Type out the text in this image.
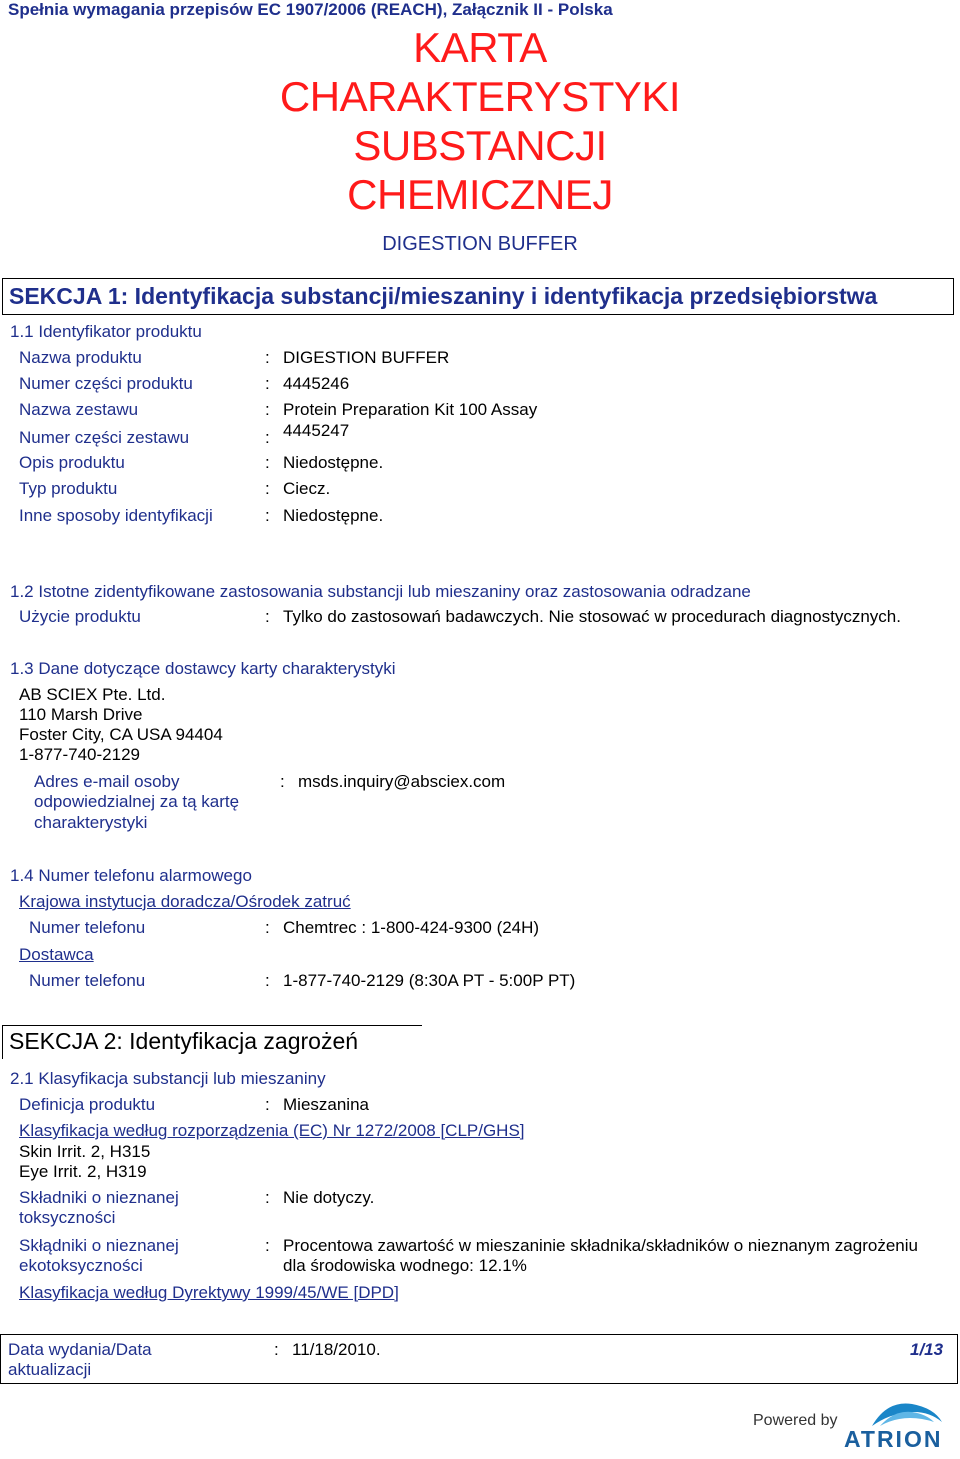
Spełnia wymagania przepisów EC 1907/2006 (REACH), Załącznik II - Polska
KARTA
CHARAKTERYSTYKI
SUBSTANCJI
CHEMICZNEJ
DIGESTION BUFFER
SEKCJA 1: Identyfikacja substancji/mieszaniny i identyfikacja przedsiębiorstwa
1.1 Identyfikator produktu
Nazwa produktu	: DIGESTION BUFFER
Numer części produktu	: 4445246
Nazwa zestawu	: Protein Preparation Kit 100 Assay
Numer części zestawu	: 4445247
Opis produktu	: Niedostępne.
Typ produktu	: Ciecz.
Inne sposoby identyfikacji	: Niedostępne.
1.2 Istotne zidentyfikowane zastosowania substancji lub mieszaniny oraz zastosowania odradzane
Użycie produktu	: Tylko do zastosowań badawczych. Nie stosować w procedurach diagnostycznych.
1.3 Dane dotyczące dostawcy karty charakterystyki
AB SCIEX Pte. Ltd.
110 Marsh Drive
Foster City, CA USA 94404
1-877-740-2129
Adres e-mail osoby
odpowiedzialnej za tą kartę
charakterystyki
: msds.inquiry@absciex.com
1.4 Numer telefonu alarmowego
Krajowa instytucja doradcza/Ośrodek zatruć
Numer telefonu	: Chemtrec : 1-800-424-9300 (24H)
Dostawca
Numer telefonu	: 1-877-740-2129 (8:30A PT - 5:00P PT)
SEKCJA 2: Identyfikacja zagrożeń
2.1 Klasyfikacja substancji lub mieszaniny
Definicja produktu	: Mieszanina
Klasyfikacja według rozporządzenia (EC) Nr 1272/2008 [CLP/GHS]
Skin Irrit. 2, H315
Eye Irrit. 2, H319
Składniki o nieznanej
toksyczności
: Nie dotyczy.
Skłądniki o nieznanej
ekotoksyczności
: Procentowa zawartość w mieszaninie składnika/składników o nieznanym zagrożeniu
dla środowiska wodnego: 12.1%
Klasyfikacja według Dyrektywy 1999/45/WE [DPD]
Data wydania/Data
aktualizacji
: 11/18/2010.	1/13
Powered by
ATRION
